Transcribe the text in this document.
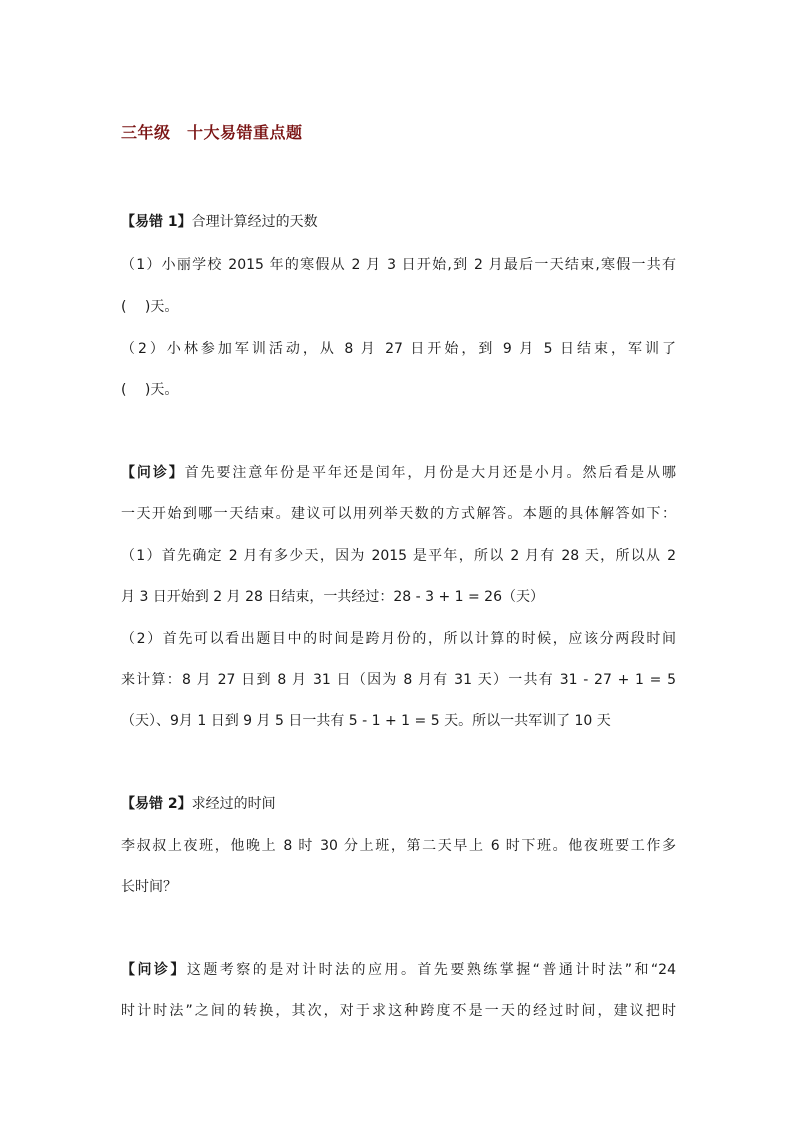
三年级　十大易错重点题
【易错 1】合理计算经过的天数
（1）小丽学校 2015 年的寒假从 2 月 3 日开始,到 2 月最后一天结束,寒假一共有
(　 )天。
（2）小林参加军训活动，从 8 月 27 日开始，到 9 月 5 日结束，军训了
(　 )天。
【问诊】首先要注意年份是平年还是闰年，月份是大月还是小月。然后看是从哪
一天开始到哪一天结束。建议可以用列举天数的方式解答。本题的具体解答如下：
（1）首先确定 2 月有多少天，因为 2015 是平年，所以 2 月有 28 天，所以从 2
月 3 日开始到 2 月 28 日结束，一共经过：28 - 3 + 1 = 26（天）
（2）首先可以看出题目中的时间是跨月份的，所以计算的时候，应该分两段时间
来计算：8 月 27 日到 8 月 31 日（因为 8 月有 31 天）一共有 31 - 27 + 1 = 5
（天）、9月 1 日到 9 月 5 日一共有 5 - 1 + 1 = 5 天。所以一共军训了 10 天
【易错 2】求经过的时间
李叔叔上夜班，他晚上 8 时 30 分上班，第二天早上 6 时下班。他夜班要工作多
长时间？
【问诊】这题考察的是对计时法的应用。首先要熟练掌握“普通计时法”和“24
时计时法”之间的转换，其次，对于求这种跨度不是一天的经过时间，建议把时
